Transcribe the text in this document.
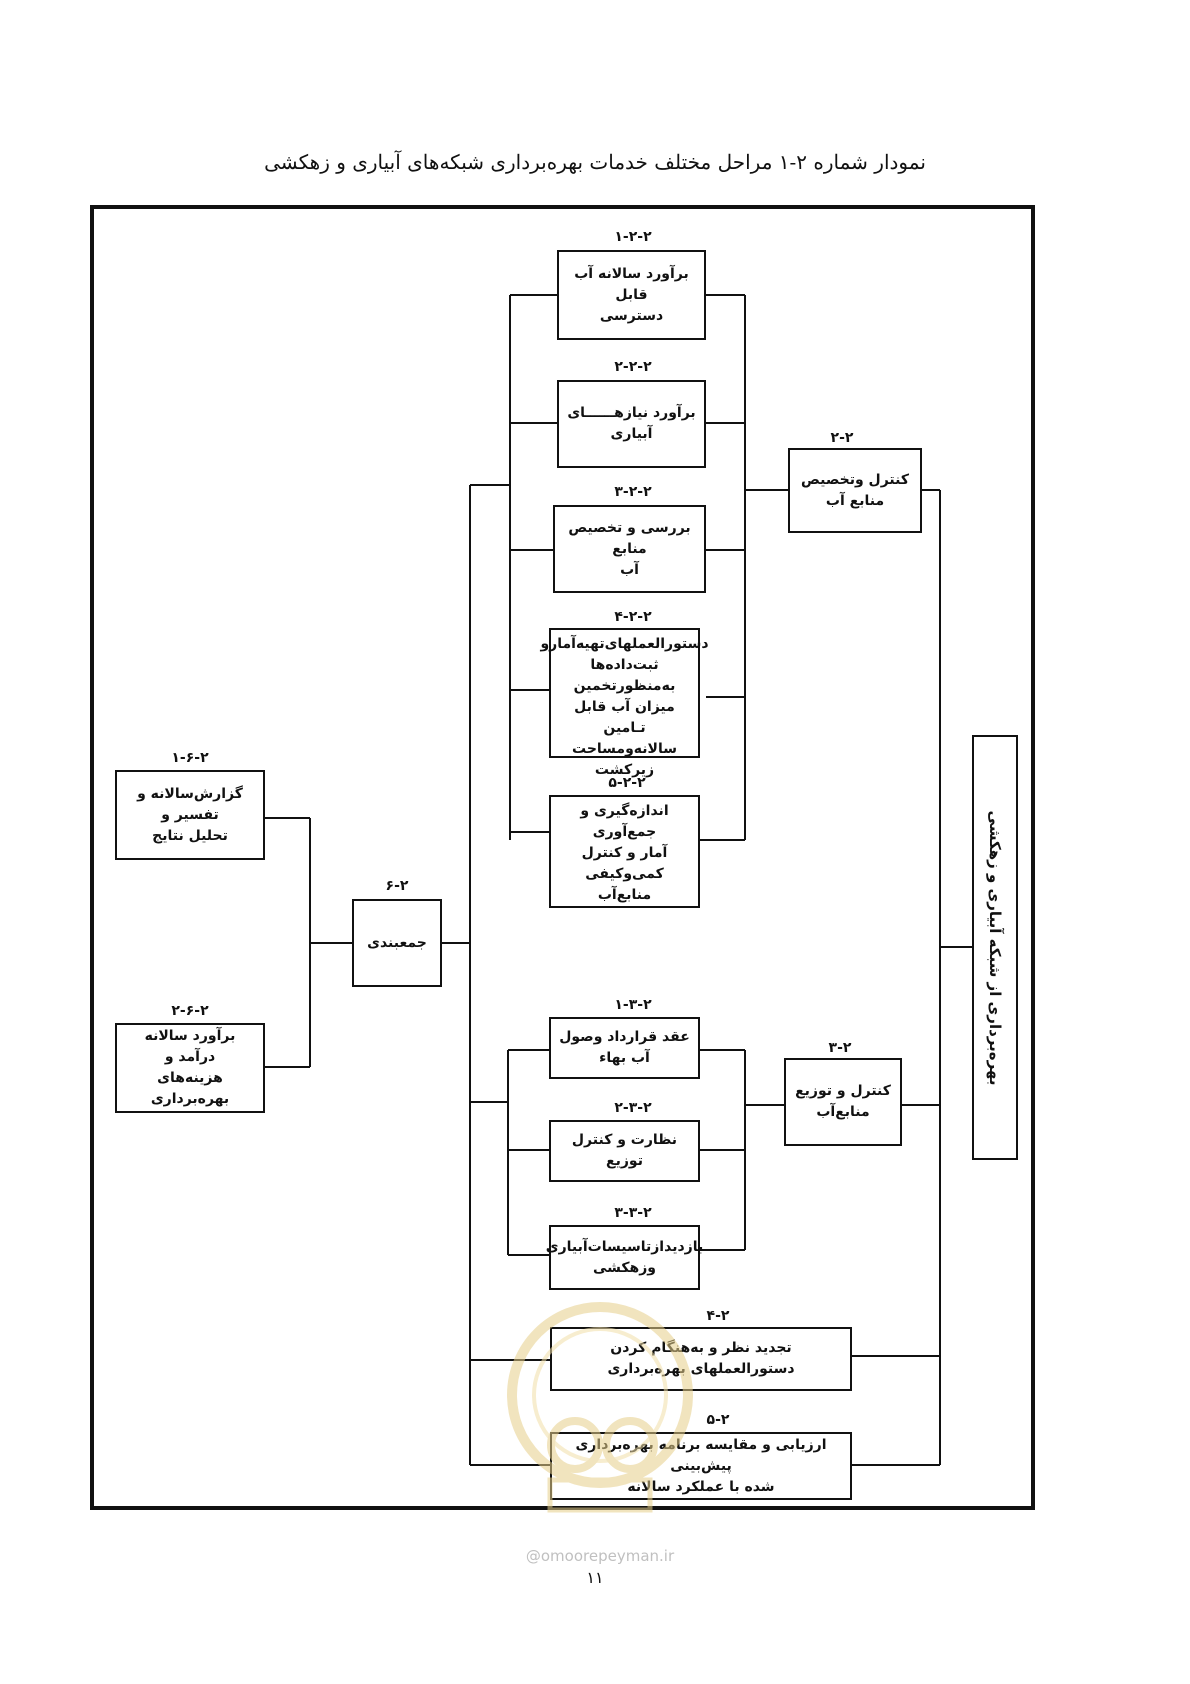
نمودار شماره ۲-۱ مراحل مختلف خدمات بهره‌برداری شبکه‌های آبیاری و زهکشی
بهره‌برداری از شبکه آبیاری و زهکشی
۲-۲
کنترل وتخصیص
منابع آب
۱-۲-۲
برآورد سالانه آب قابل
دسترسی
۲-۲-۲
برآورد نیازهــــــای
آبیاری
۳-۲-۲
بررسی و تخصیص منابع
آب
۴-۲-۲
دستورالعملهای‌تهیه‌آمارو
ثبت‌داده‌ها به‌منظورتخمین
میزان آب قابل تـامین
سالانه‌ومساحت زیرکشت
۵-۲-۲
اندازه‌گیری و جمع‌آوری
آمار و کنترل کمی‌وکیفی
منابع‌آب
۳-۲
کنترل و توزیع
منابع‌آب
۱-۳-۲
عقد قرارداد وصول
آب بهاء
۲-۳-۲
نظارت و کنترل توزیع
۳-۳-۲
بازدیدازتاسیسات‌آبیاری
وزهکشی
۴-۲
تجدید نظر و به‌هنگام کردن
دستورالعملهای بهره‌برداری
۵-۲
ارزیابی و مقایسه برنامه بهره‌برداری پیش‌بینی
شده با عملکرد سالانه
۶-۲
جمعبندی
۱-۶-۲
گزارش‌سالانه و تفسیر و
تحلیل نتایج
۲-۶-۲
برآورد سالانه درآمد و
هزینه‌های بهره‌برداری
@omoorepeyman.ir
۱۱
